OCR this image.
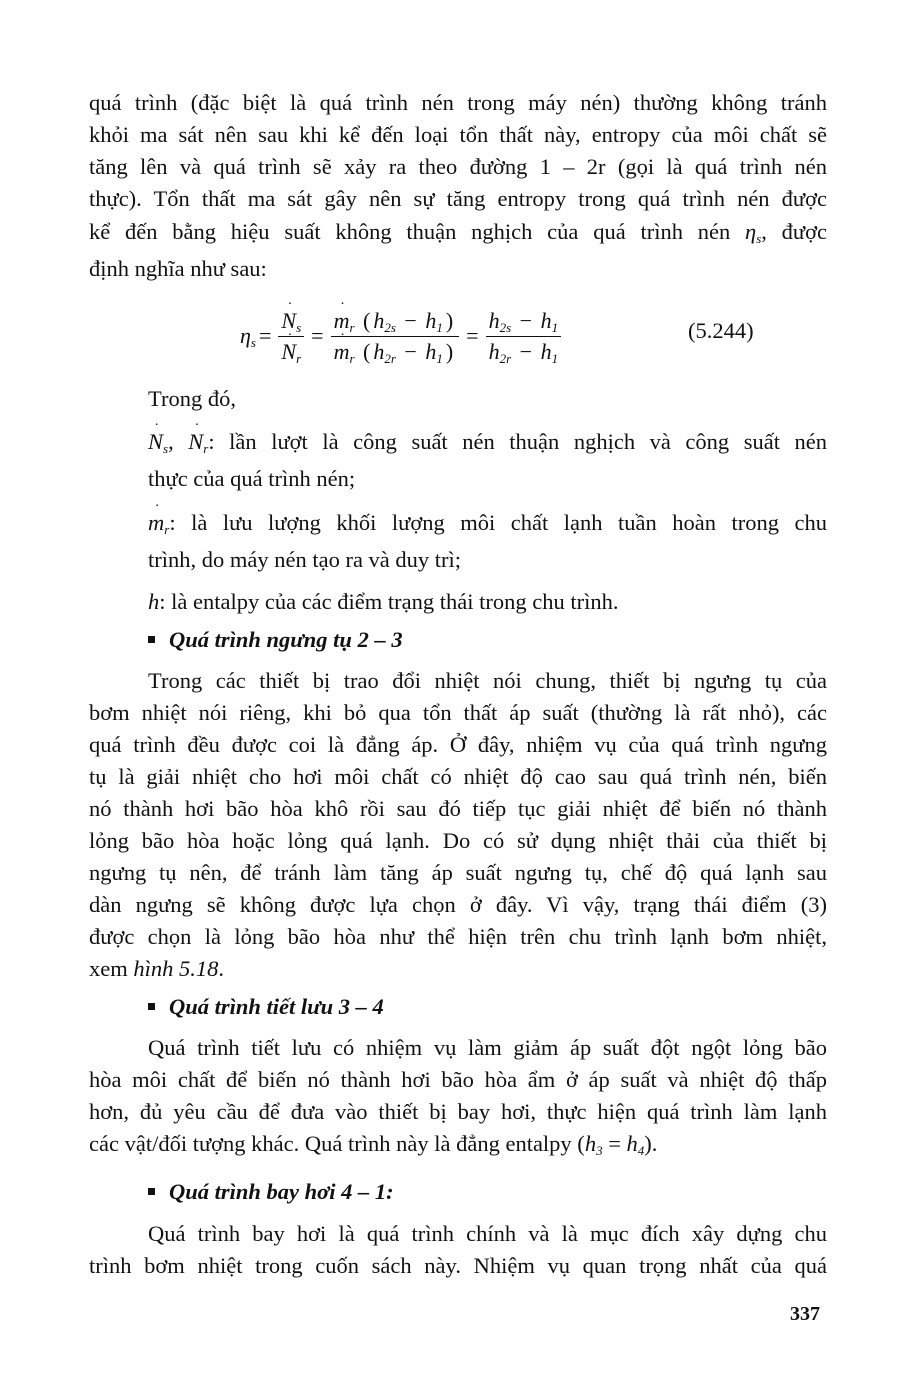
quá trình (đặc biệt là quá trình nén trong máy nén) thường không tránh
khỏi ma sát nên sau khi kể đến loại tổn thất này, entropy của môi chất sẽ
tăng lên và quá trình sẽ xảy ra theo đường 1 – 2r (gọi là quá trình nén
thực). Tổn thất ma sát gây nên sự tăng entropy trong quá trình nén được
kể đến bằng hiệu suất không thuận nghịch của quá trình nén $\eta_s$, được
định nghĩa như sau:
$\eta_s$ = ˙ $N_s$
˙ $N_r$ = ˙ $m_r$ ( $h_{2s} - h_1$ )
˙ $m_r$ ( $h_{2r} - h_1$ ) = $\frac{h_{2s} - h_1}{h_{2r} - h_1}$	(5.244)
Trong đó,
˙ $N_s$, ˙ $N_r$: lần lượt là công suất nén thuận nghịch và công suất nén
thực của quá trình nén;
˙ $m_r$: là lưu lượng khối lượng môi chất lạnh tuần hoàn trong chu
trình, do máy nén tạo ra và duy trì;
h: là entalpy của các điểm trạng thái trong chu trình.
Quá trình ngưng tụ 2 – 3
Trong các thiết bị trao đổi nhiệt nói chung, thiết bị ngưng tụ của
bơm nhiệt nói riêng, khi bỏ qua tổn thất áp suất (thường là rất nhỏ), các
quá trình đều được coi là đẳng áp. Ở đây, nhiệm vụ của quá trình ngưng
tụ là giải nhiệt cho hơi môi chất có nhiệt độ cao sau quá trình nén, biến
nó thành hơi bão hòa khô rồi sau đó tiếp tục giải nhiệt để biến nó thành
lỏng bão hòa hoặc lỏng quá lạnh. Do có sử dụng nhiệt thải của thiết bị
ngưng tụ nên, để tránh làm tăng áp suất ngưng tụ, chế độ quá lạnh sau
dàn ngưng sẽ không được lựa chọn ở đây. Vì vậy, trạng thái điểm (3)
được chọn là lỏng bão hòa như thể hiện trên chu trình lạnh bơm nhiệt,
xem hình 5.18.
Quá trình tiết lưu 3 – 4
Quá trình tiết lưu có nhiệm vụ làm giảm áp suất đột ngột lỏng bão
hòa môi chất để biến nó thành hơi bão hòa ẩm ở áp suất và nhiệt độ thấp
hơn, đủ yêu cầu để đưa vào thiết bị bay hơi, thực hiện quá trình làm lạnh
các vật/đối tượng khác. Quá trình này là đẳng entalpy $(h_3 = h_4)$.
Quá trình bay hơi 4 – 1:
Quá trình bay hơi là quá trình chính và là mục đích xây dựng chu
trình bơm nhiệt trong cuốn sách này. Nhiệm vụ quan trọng nhất của quá
337
